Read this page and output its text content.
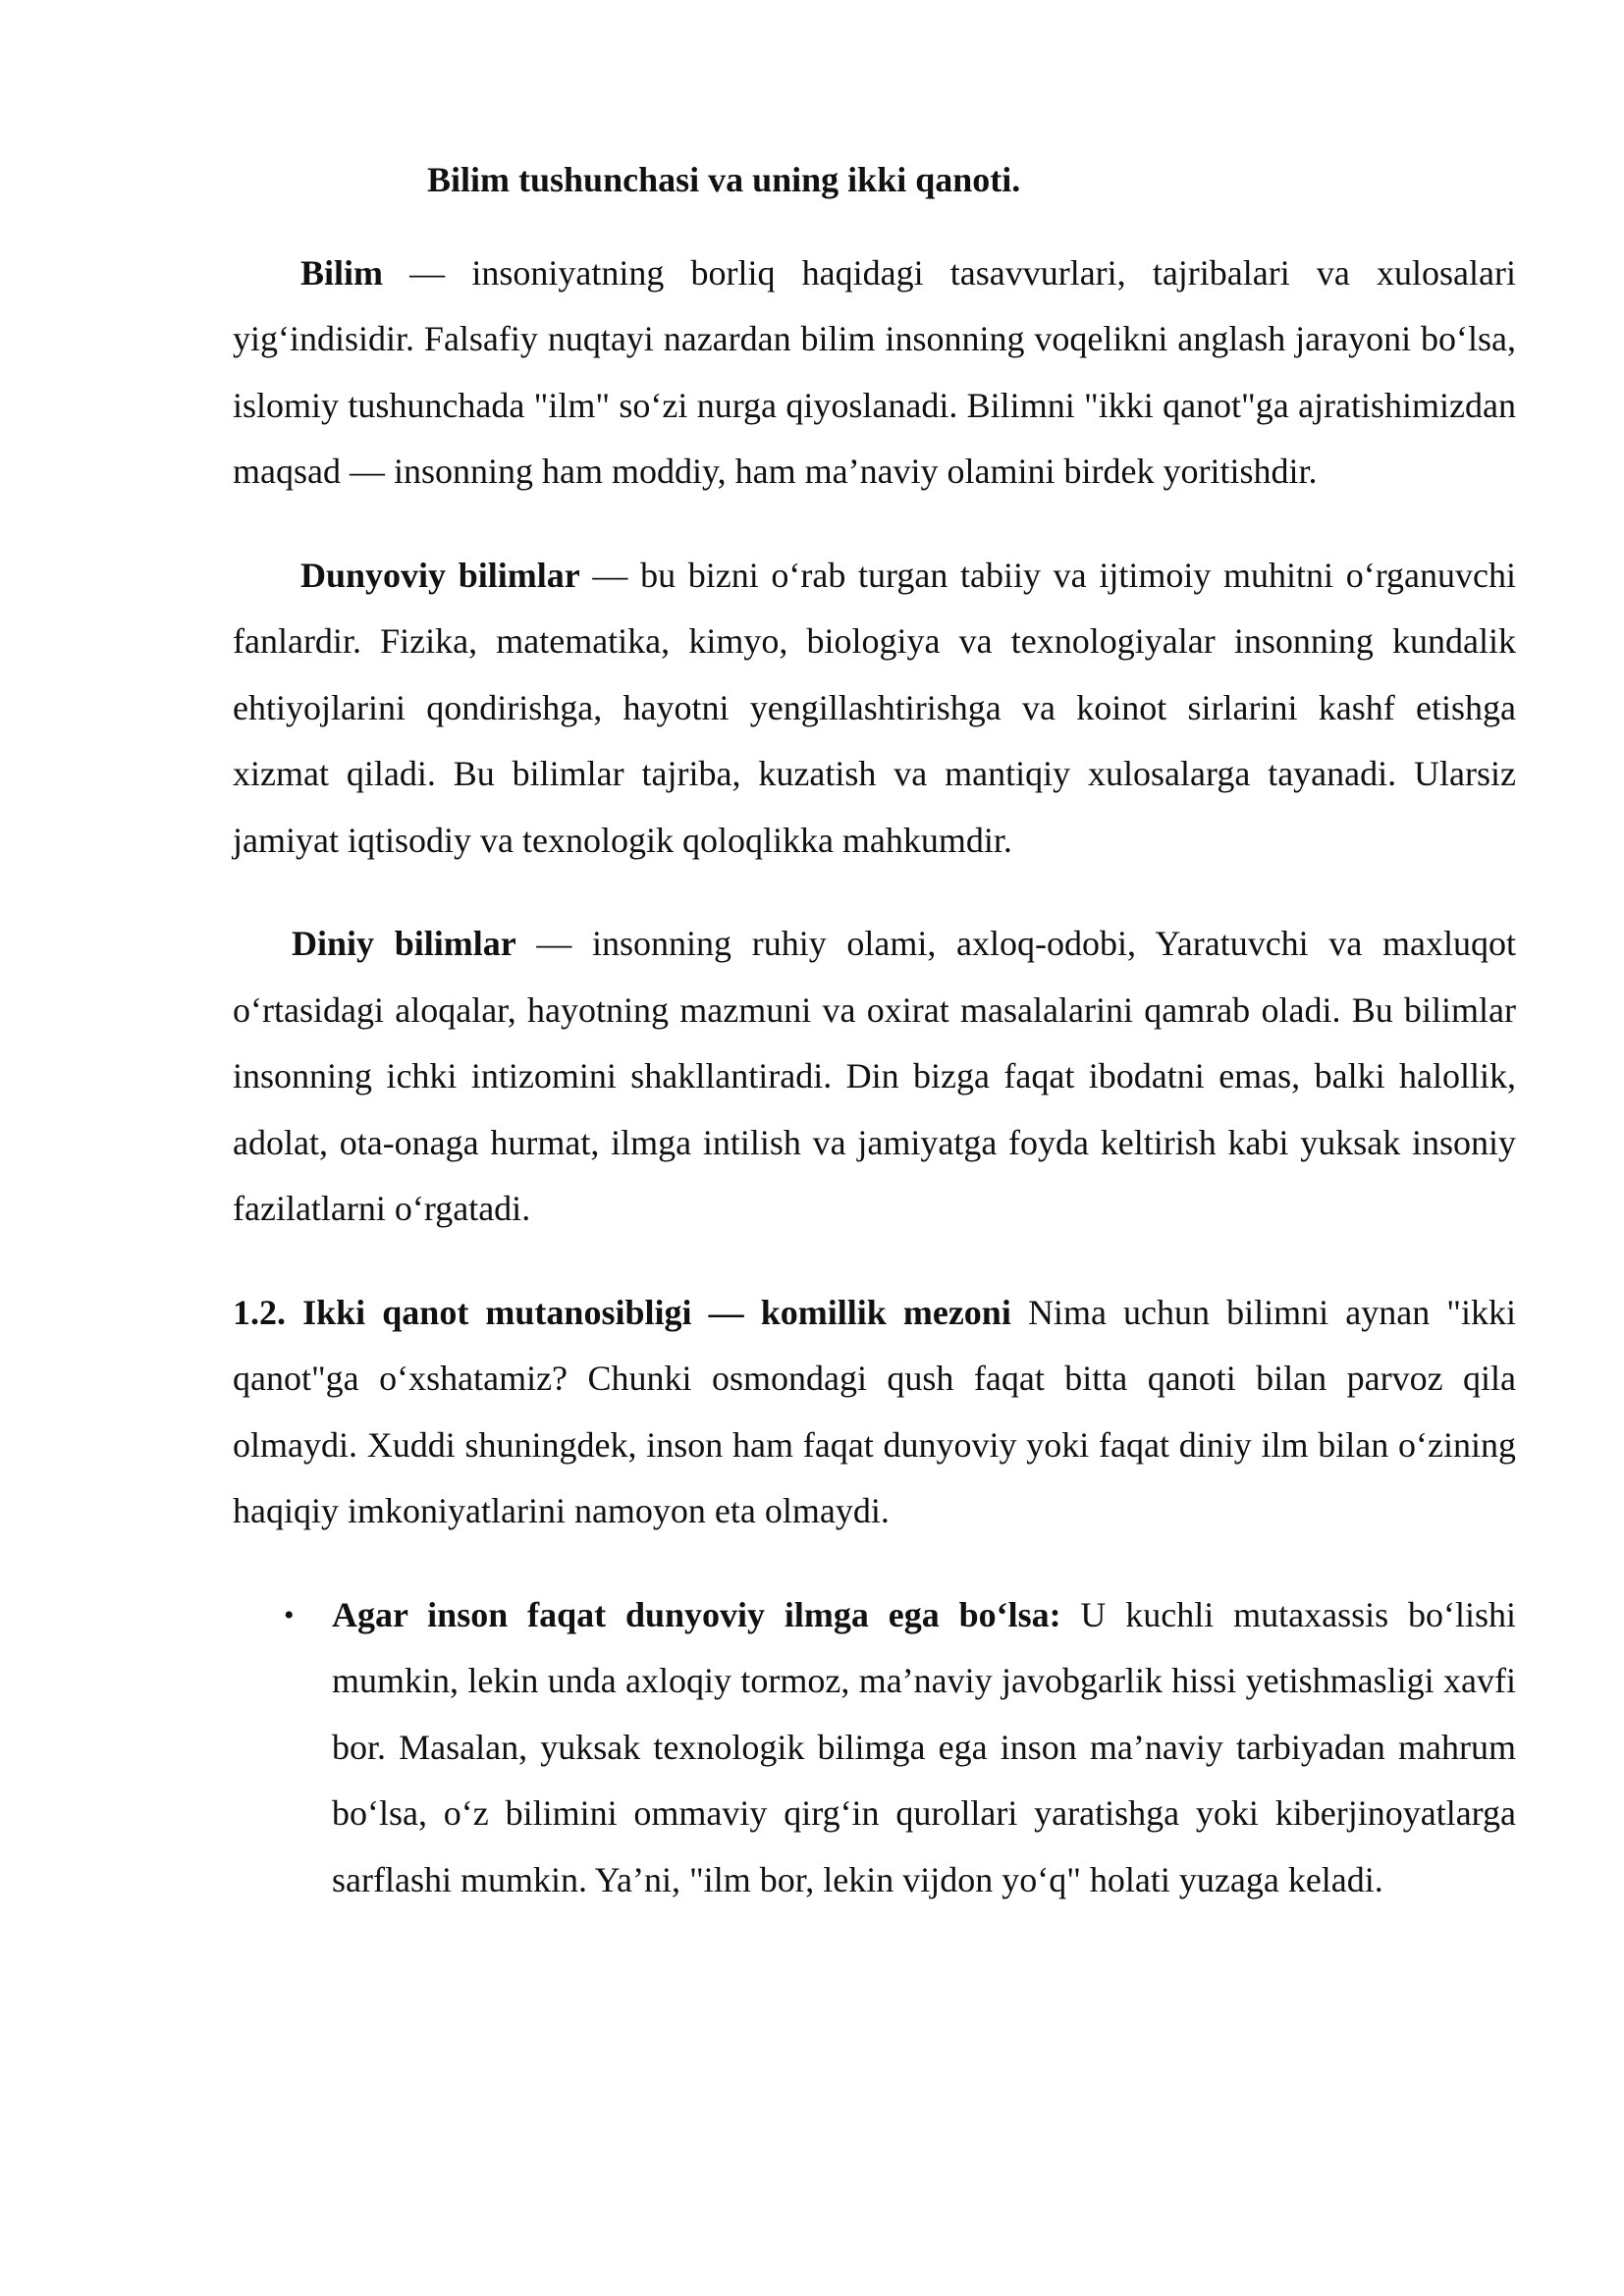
Bilim tushunchasi va uning ikki qanoti.

Bilim — insoniyatning borliq haqidagi tasavvurlari, tajribalari va xulosalari yig‘indisidir. Falsafiy nuqtayi nazardan bilim insonning voqelikni anglash jarayoni bo‘lsa, islomiy tushunchada "ilm" so‘zi nurga qiyoslanadi. Bilimni "ikki qanot"ga ajratishimizdan maqsad — insonning ham moddiy, ham ma’naviy olamini birdek yoritishdir.

Dunyoviy bilimlar — bu bizni o‘rab turgan tabiiy va ijtimoiy muhitni o‘rganuvchi fanlardir. Fizika, matematika, kimyo, biologiya va texnologiyalar insonning kundalik ehtiyojlarini qondirishga, hayotni yengillashtirishga va koinot sirlarini kashf etishga xizmat qiladi. Bu bilimlar tajriba, kuzatish va mantiqiy xulosalarga tayanadi. Ularsiz jamiyat iqtisodiy va texnologik qoloqlikka mahkumdir.

Diniy bilimlar — insonning ruhiy olami, axloq-odobi, Yaratuvchi va maxluqot o‘rtasidagi aloqalar, hayotning mazmuni va oxirat masalalarini qamrab oladi. Bu bilimlar insonning ichki intizomini shakllantiradi. Din bizga faqat ibodatni emas, balki halollik, adolat, ota-onaga hurmat, ilmga intilish va jamiyatga foyda keltirish kabi yuksak insoniy fazilatlarni o‘rgatadi.

1.2. Ikki qanot mutanosibligi — komillik mezoni Nima uchun bilimni aynan "ikki qanot"ga o‘xshatamiz? Chunki osmondagi qush faqat bitta qanoti bilan parvoz qila olmaydi. Xuddi shuningdek, inson ham faqat dunyoviy yoki faqat diniy ilm bilan o‘zining haqiqiy imkoniyatlarini namoyon eta olmaydi.

• Agar inson faqat dunyoviy ilmga ega bo‘lsa: U kuchli mutaxassis bo‘lishi mumkin, lekin unda axloqiy tormoz, ma’naviy javobgarlik hissi yetishmasligi xavfi bor. Masalan, yuksak texnologik bilimga ega inson ma’naviy tarbiyadan mahrum bo‘lsa, o‘z bilimini ommaviy qirg‘in qurollari yaratishga yoki kiberjinoyatlarga sarflashi mumkin. Ya’ni, "ilm bor, lekin vijdon yo‘q" holati yuzaga keladi.
